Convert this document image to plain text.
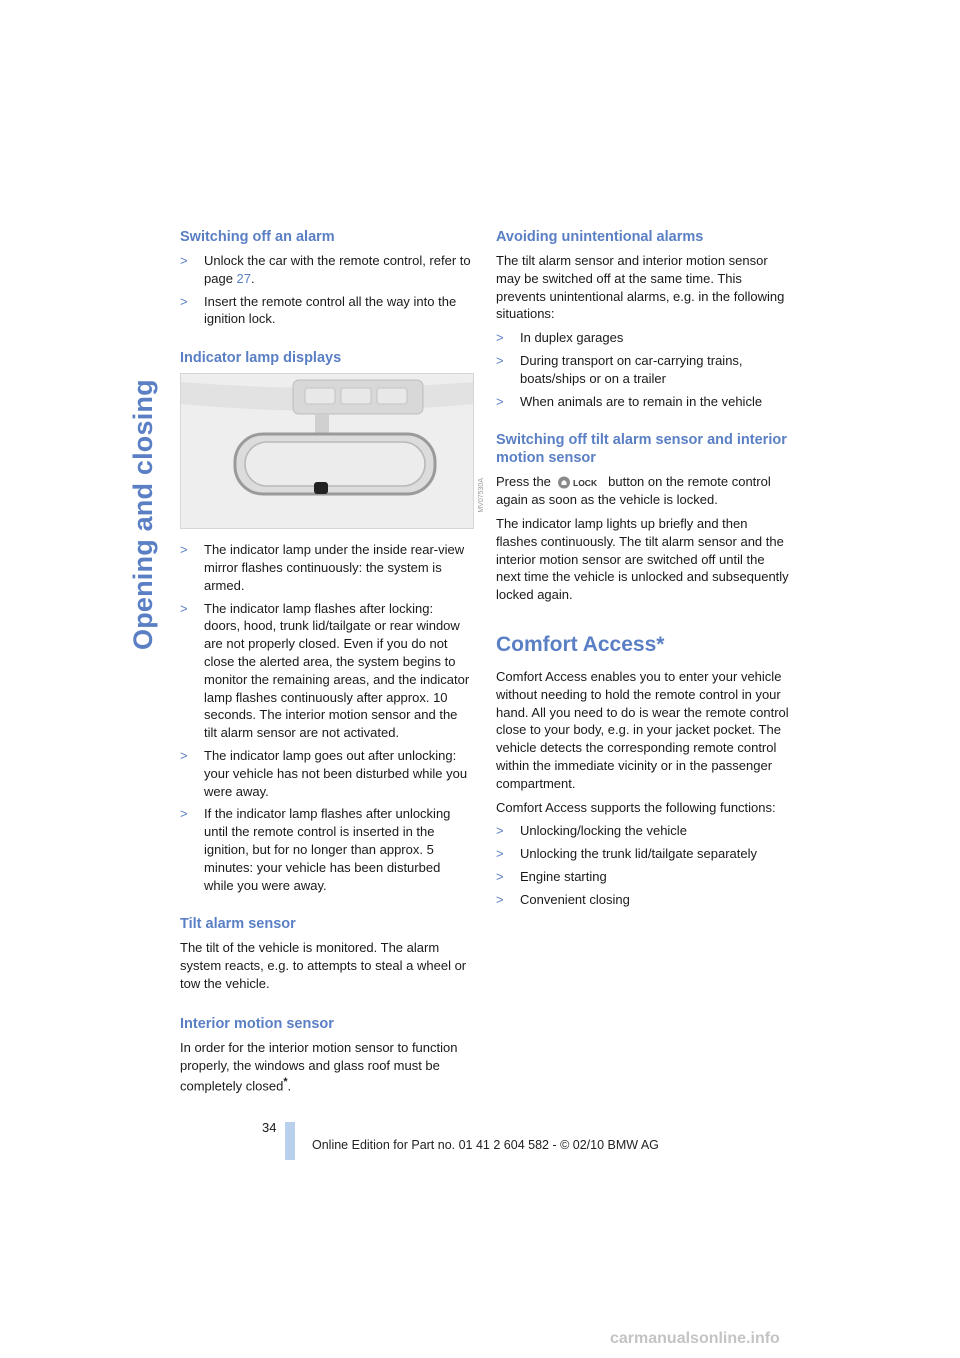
Opening and closing
Switching off an alarm
> Unlock the car with the remote control, refer to page 27.
> Insert the remote control all the way into the ignition lock.
Indicator lamp displays
> The indicator lamp under the inside rear-view mirror flashes continuously: the system is armed.
> The indicator lamp flashes after locking: doors, hood, trunk lid/tailgate or rear window are not properly closed. Even if you do not close the alerted area, the system begins to monitor the remaining areas, and the indicator lamp flashes continuously after approx. 10 seconds. The interior motion sensor and the tilt alarm sensor are not activated.
> The indicator lamp goes out after unlocking: your vehicle has not been disturbed while you were away.
> If the indicator lamp flashes after unlocking until the remote control is inserted in the ignition, but for no longer than approx. 5 minutes: your vehicle has been disturbed while you were away.
Tilt alarm sensor

The tilt of the vehicle is monitored. The alarm system reacts, e.g. to attempts to steal a wheel or tow the vehicle.

Interior motion sensor

In order for the interior motion sensor to function properly, the windows and glass roof must be completely closed*.

MV07530A
Avoiding unintentional alarms

The tilt alarm sensor and interior motion sensor may be switched off at the same time. This prevents unintentional alarms, e.g. in the following situations:

> In duplex garages
> During transport on car-carrying trains, boats/ships or on a trailer
> When animals are to remain in the vehicle
Switching off tilt alarm sensor and interior motion sensor

Press the LOCK button on the remote control again as soon as the vehicle is locked.

The indicator lamp lights up briefly and then flashes continuously. The tilt alarm sensor and the interior motion sensor are switched off until the next time the vehicle is unlocked and subsequently locked again.

Comfort Access*

Comfort Access enables you to enter your vehicle without needing to hold the remote control in your hand. All you need to do is wear the remote control close to your body, e.g. in your jacket pocket. The vehicle detects the corresponding remote control within the immediate vicinity or in the passenger compartment.

Comfort Access supports the following functions:

> Unlocking/locking the vehicle
> Unlocking the trunk lid/tailgate separately
> Engine starting
> Convenient closing
34
Online Edition for Part no. 01 41 2 604 582 - © 02/10 BMW AG
carmanualsonline.info
